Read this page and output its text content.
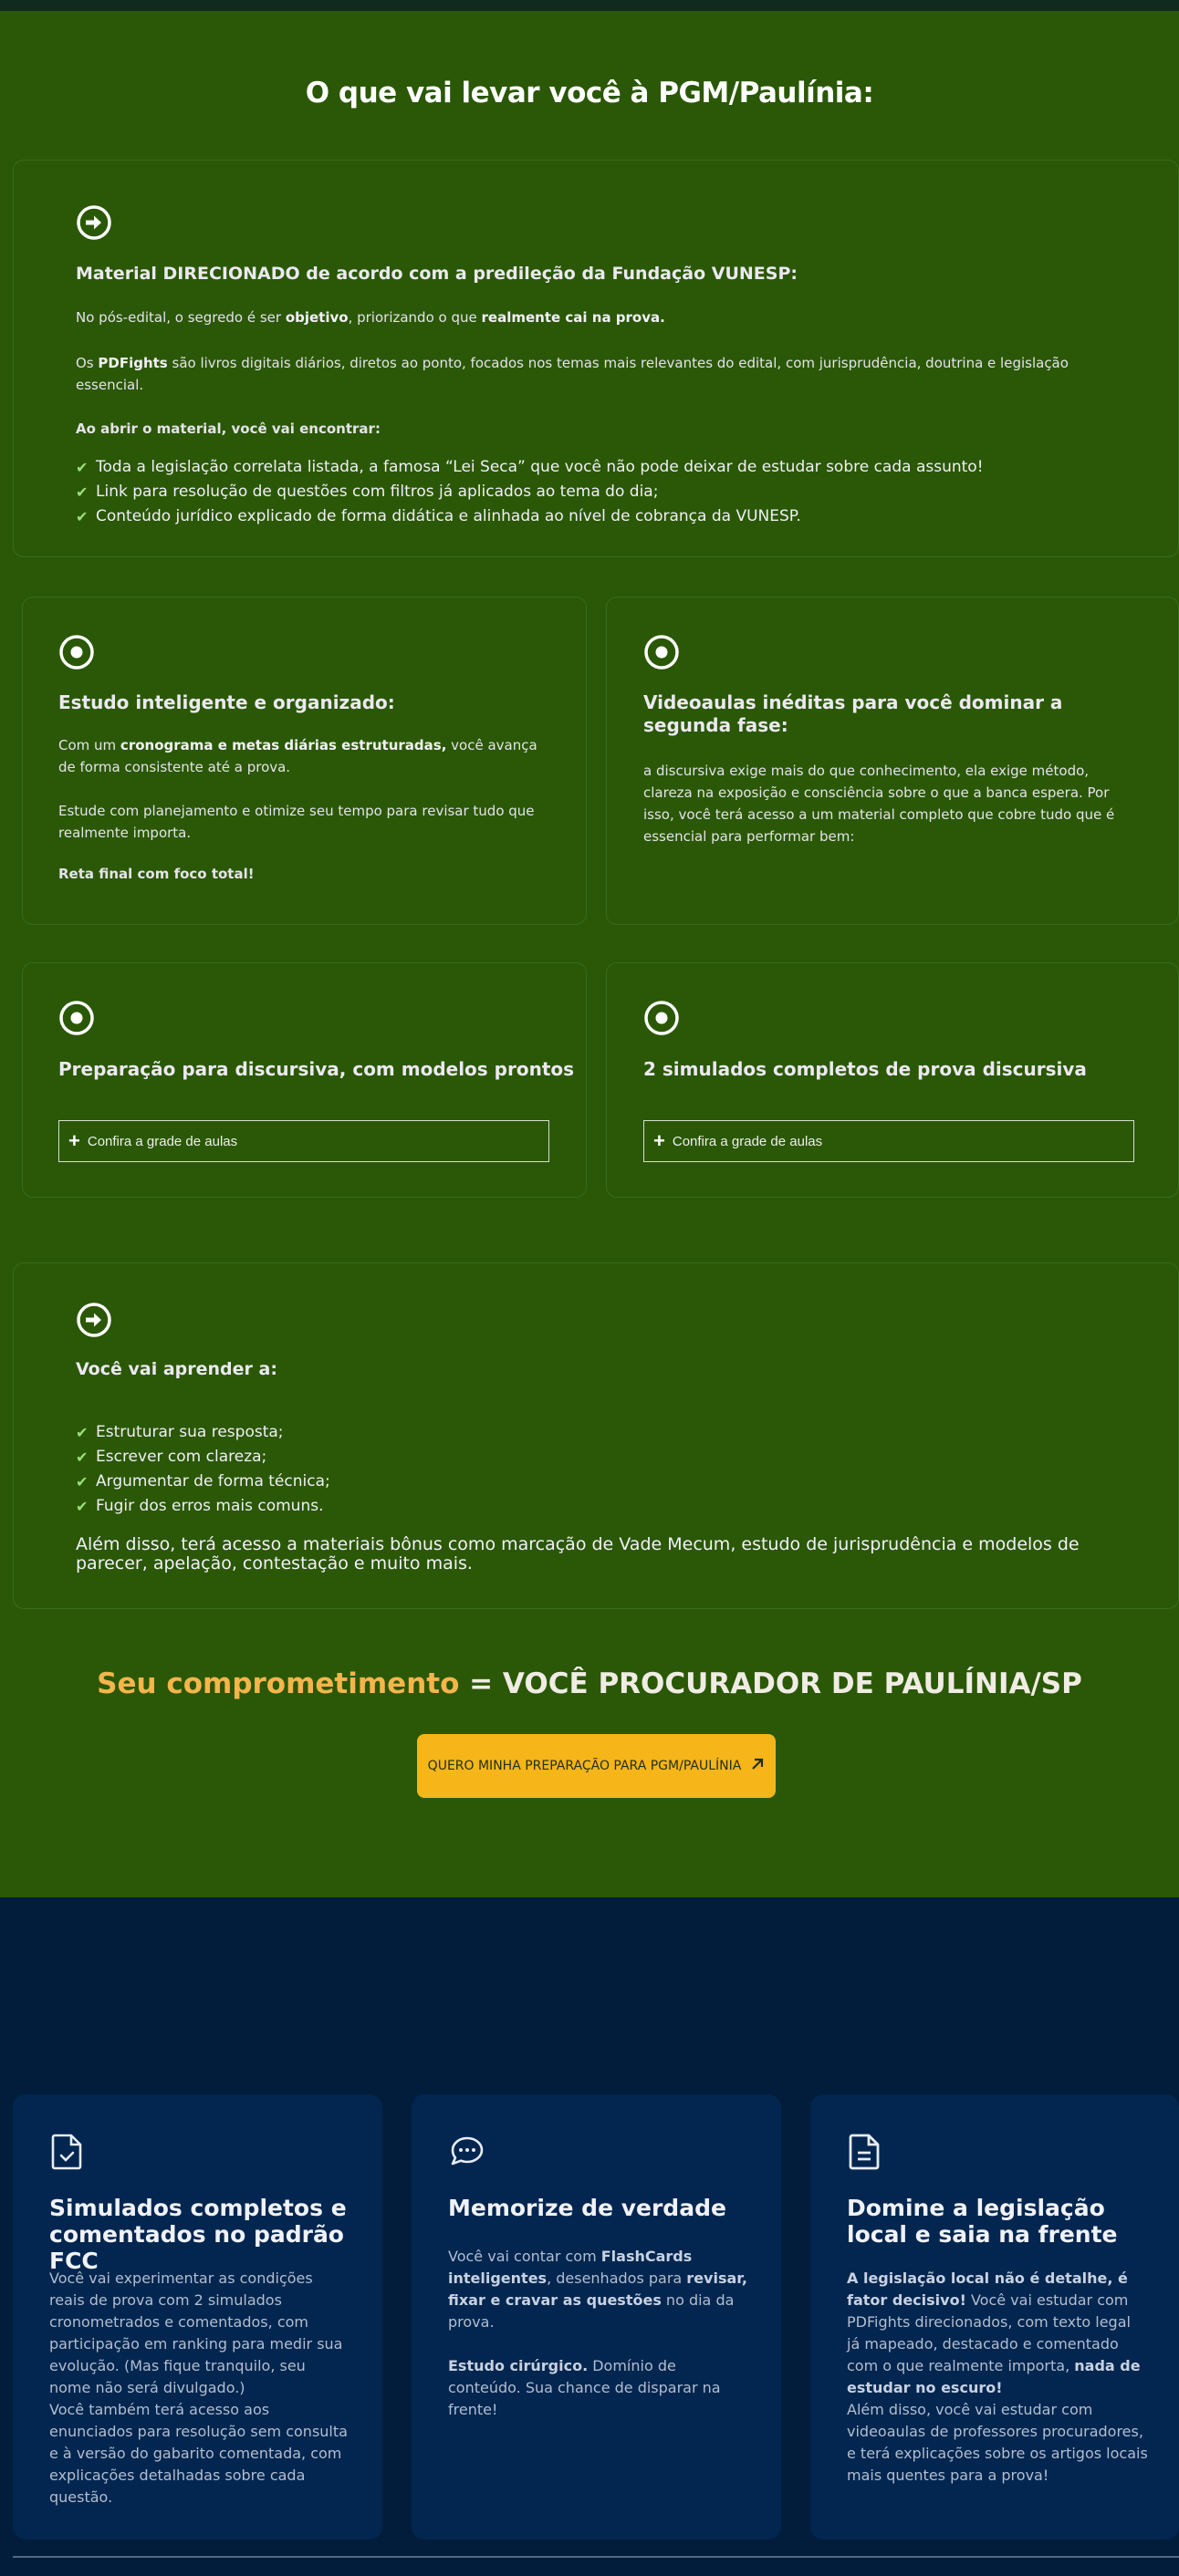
O que vai levar você à PGM/Paulínia:
Material DIRECIONADO de acordo com a predileção da Fundação VUNESP:

No pós-edital, o segredo é ser objetivo, priorizando o que realmente cai na prova.

Os PDFights são livros digitais diários, diretos ao ponto, focados nos temas mais relevantes do edital, com jurisprudência, doutrina e legislação essencial.

Ao abrir o material, você vai encontrar:
✔ Toda a legislação correlata listada, a famosa “Lei Seca” que você não pode deixar de estudar sobre cada assunto!
✔ Link para resolução de questões com filtros já aplicados ao tema do dia;
✔ Conteúdo jurídico explicado de forma didática e alinhada ao nível de cobrança da VUNESP.
Estudo inteligente e organizado:

Com um cronograma e metas diárias estruturadas, você avança de forma consistente até a prova.

Estude com planejamento e otimize seu tempo para revisar tudo que realmente importa.

Reta final com foco total!

Videoaulas inéditas para você dominar a segunda fase:

a discursiva exige mais do que conhecimento, ela exige método, clareza na exposição e consciência sobre o que a banca espera. Por isso, você terá acesso a um material completo que cobre tudo que é essencial para performar bem:

Preparação para discursiva, com modelos prontos
+ Confira a grade de aulas
2 simulados completos de prova discursiva
+ Confira a grade de aulas
Você vai aprender a:
✔ Estruturar sua resposta;
✔ Escrever com clareza;
✔ Argumentar de forma técnica;
✔ Fugir dos erros mais comuns.

Além disso, terá acesso a materiais bônus como marcação de Vade Mecum, estudo de jurisprudência e modelos de parecer, apelação, contestação e muito mais.

Seu comprometimento = VOCÊ PROCURADOR DE PAULÍNIA/SP
QUERO MINHA PREPARAÇÃO PARA PGM/PAULÍNIA
Simulados completos e comentados no padrão FCC

Você vai experimentar as condições reais de prova com 2 simulados cronometrados e comentados, com participação em ranking para medir sua evolução. (Mas fique tranquilo, seu nome não será divulgado.)

Você também terá acesso aos enunciados para resolução sem consulta e à versão do gabarito comentada, com explicações detalhadas sobre cada questão.

Memorize de verdade

Você vai contar com FlashCards inteligentes, desenhados para revisar, fixar e cravar as questões no dia da prova.

Estudo cirúrgico. Domínio de conteúdo. Sua chance de disparar na frente!

Domine a legislação local e saia na frente

A legislação local não é detalhe, é fator decisivo! Você vai estudar com PDFights direcionados, com texto legal já mapeado, destacado e comentado com o que realmente importa, nada de estudar no escuro!

Além disso, você vai estudar com videoaulas de professores procuradores, e terá explicações sobre os artigos locais mais quentes para a prova!
